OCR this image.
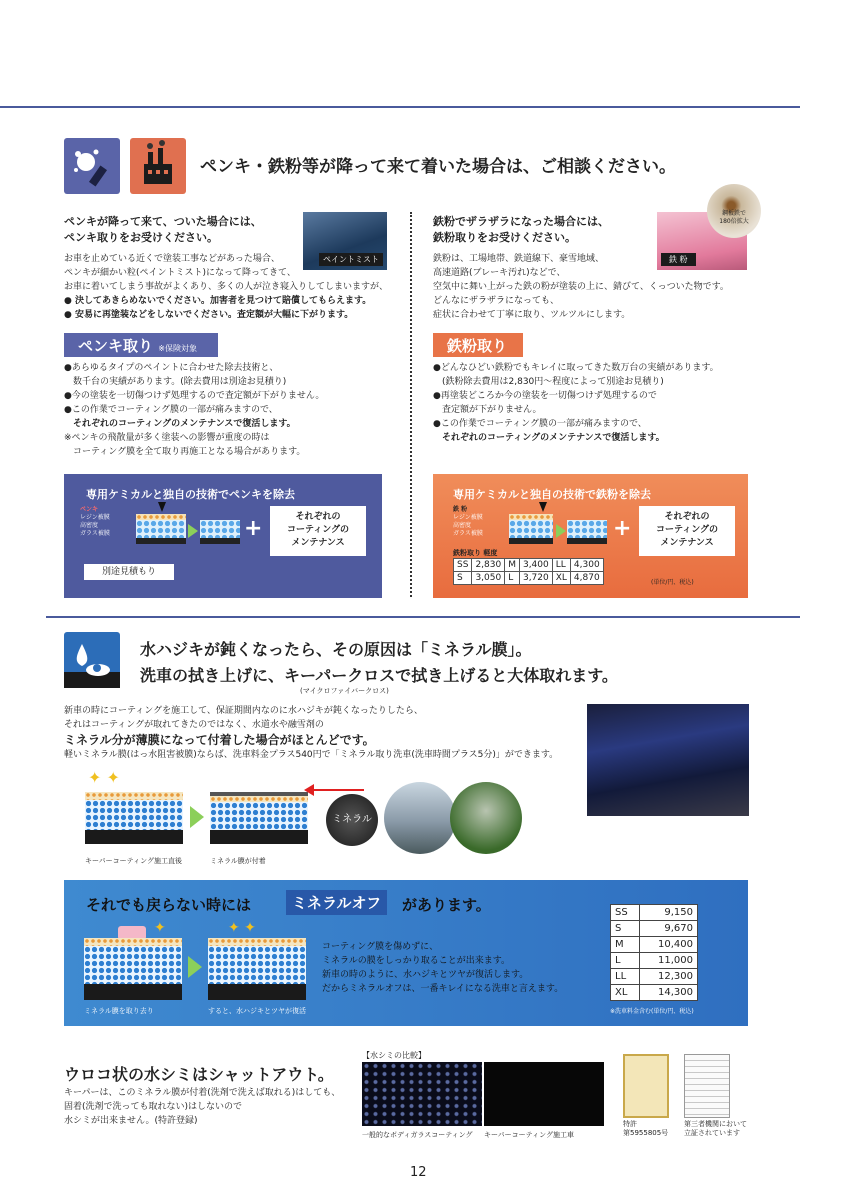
ペンキ・鉄粉等が降って来て着いた場合は、ご相談ください。
ペンキが降って来て、ついた場合には、
ペンキ取りをお受けください。
ペイントミスト
お車を止めている近くで塗装工事などがあった場合、
ペンキが細かい粒(ペイントミスト)になって降ってきて、
お車に着いてしまう事故がよくあり、多くの人が泣き寝入りしてしまいますが、
● 決してあきらめないでください。加害者を見つけて賠償してもらえます。
● 安易に再塗装などをしないでください。査定額が大幅に下がります。
ペンキ取り ※保険対象
●あらゆるタイプのペイントに合わせた除去技術と、
　数千台の実績があります。(除去費用は別途お見積り)
●今の塗装を一切傷つけず処理するので査定額が下がりません。
●この作業でコーティング膜の一部が痛みますので、
　それぞれのコーティングのメンテナンスで復活します。
※ペンキの飛散量が多く塗装への影響が重度の時は
　コーティング膜を全て取り再施工となる場合があります。
専用ケミカルと独自の技術でペンキを除去
ペンキ
レジン被膜
高密度
ガラス被膜	+	それぞれの
コーティングの
メンテナンス
別途見積もり
鉄粉でザラザラになった場合には、
鉄粉取りをお受けください。
鉄 粉
鋼板鉄で
180倍拡大
鉄粉は、工場地帯、鉄道線下、豪雪地域、
高速道路(ブレーキ汚れ)などで、
空気中に舞い上がった鉄の粉が塗装の上に、錆びて、くっついた物です。
どんなにザラザラになっても、
症状に合わせて丁寧に取り、ツルツルにします。
鉄粉取り
●どんなひどい鉄粉でもキレイに取ってきた数万台の実績があります。
　(鉄粉除去費用は2,830円〜程度によって別途お見積り)
●再塗装どころか今の塗装を一切傷つけず処理するので
　査定額が下がりません。
●この作業でコーティング膜の一部が痛みますので、
　それぞれのコーティングのメンテナンスで復活します。
専用ケミカルと独自の技術で鉄粉を除去
鉄 粉
レジン被膜
高密度
ガラス被膜	+	それぞれの
コーティングの
メンテナンス
鉄粉取り 軽度
SS	2,830	M	3,400	LL	4,300
S	3,050	L	3,720	XL	4,870	(単位/円、税込)
水ハジキが鈍くなったら、その原因は「ミネラル膜」。
洗車の拭き上げに、キーパークロスで拭き上げると大体取れます。
(マイクロファイバークロス)
新車の時にコーティングを施工して、保証期間内なのに水ハジキが鈍くなったりしたら、
それはコーティングが取れてきたのではなく、水道水や融雪剤の
ミネラル分が薄膜になって付着した場合がほとんどです。
軽いミネラル膜(はっ水阻害被膜)ならば、洗車料金プラス540円で「ミネラル取り洗車(洗車時間プラス5分)」ができます。
✦ ✦
ミネラル
キーパーコーティング施工直後	ミネラル膜が付着
それでも戻らない時には	ミネラルオフ	があります。
✦	✦ ✦
ミネラル膜を取り去り	すると、水ハジキとツヤが復活
コーティング膜を傷めずに、
ミネラルの膜をしっかり取ることが出来ます。
新車の時のように、水ハジキとツヤが復活します。
だからミネラルオフは、一番キレイになる洗車と言えます。
SS	9,150
S	9,670
M	10,400
L	11,000
LL	12,300
XL	14,300
※洗車料金含む(単位/円、税込)
ウロコ状の水シミはシャットアウト。
キーパーは、このミネラル膜が付着(洗剤で洗えば取れる)はしても、
固着(洗剤で洗っても取れない)はしないので
水シミが出来ません。(特許登録)
【水シミの比較】
一般的なボディガラスコーティング キーパーコーティング施工車
特許
第5955805号
第三者機関において
立証されています
12
